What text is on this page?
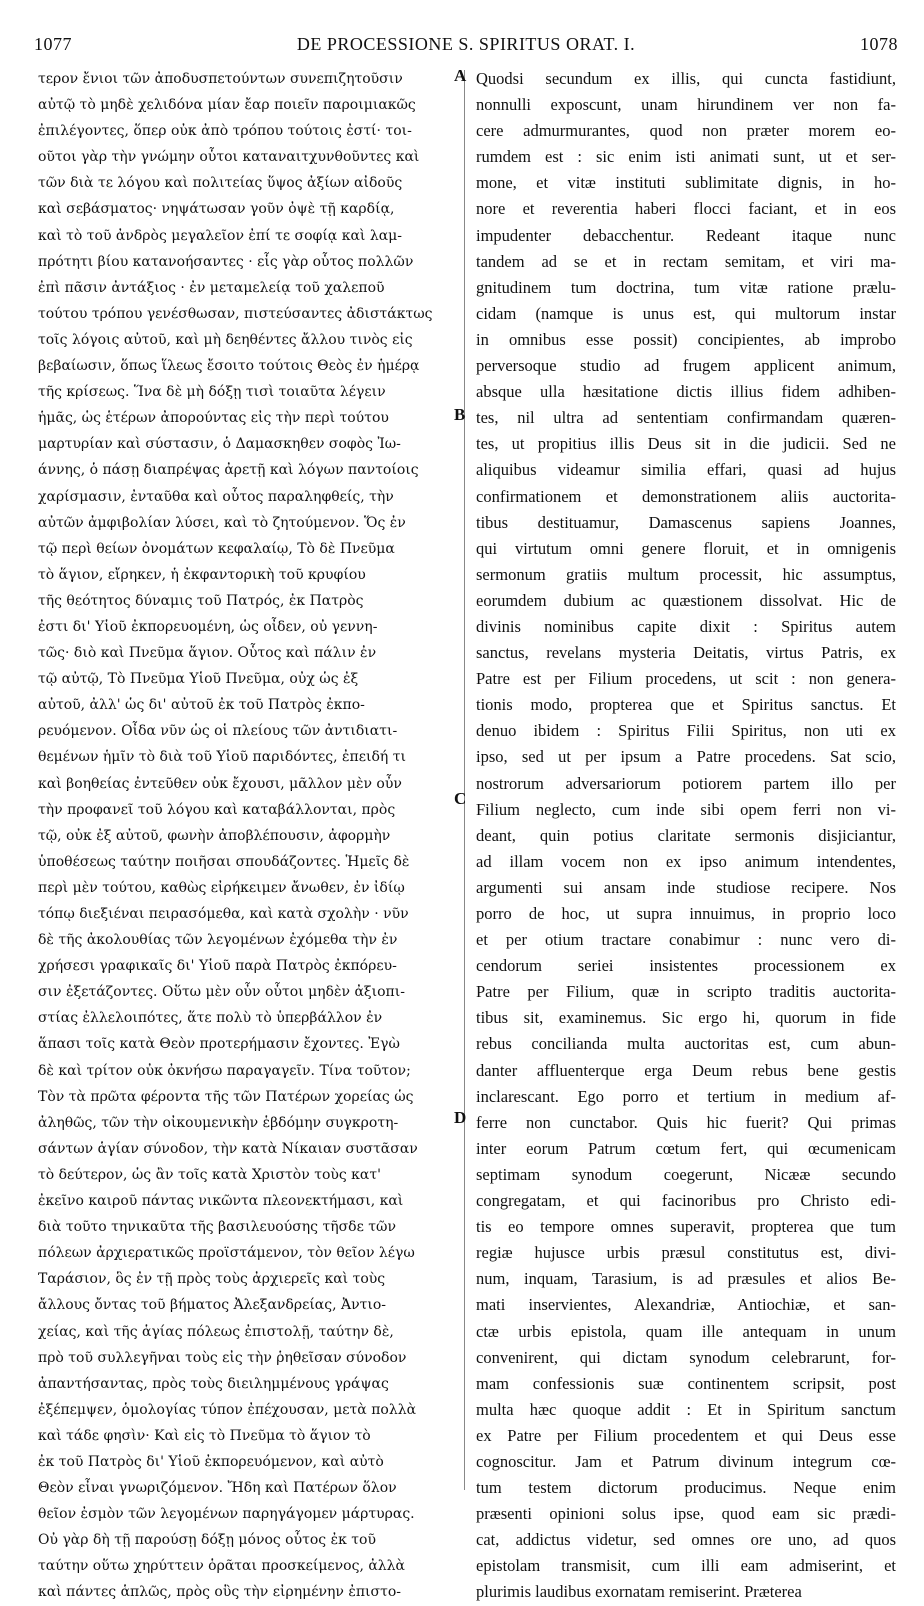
1077	DE PROCESSIONE S. SPIRITUS ORAT. I.	1078
A
B
C
D
τερον ἔνιοι τῶν ἀποδυσπετούντων συνεπιζητοῦσιν
αὐτῷ τὸ μηδὲ χελιδόνα μίαν ἔαρ ποιεῖν παροιμιακῶς
ἐπιλέγοντες, ὅπερ οὐκ ἀπὸ τρόπου τούτοις ἐστί· τοι-
οῦτοι γὰρ τὴν γνώμην οὗτοι καταναιτχυνθοῦντες καὶ
τῶν διὰ τε λόγου καὶ πολιτείας ὕψος ἀξίων αἰδοῦς
καὶ σεβάσματος· νηψάτωσαν γοῦν ὀψὲ τῇ καρδίᾳ,
καὶ τὸ τοῦ ἀνδρὸς μεγαλεῖον ἐπί τε σοφίᾳ καὶ λαμ-
πρότητι βίου κατανοήσαντες · εἷς γὰρ οὗτος πολλῶν
ἐπὶ πᾶσιν ἀντάξιος · ἐν μεταμελείᾳ τοῦ χαλεποῦ
τούτου τρόπου γενέσθωσαν, πιστεύσαντες ἀδιστάκτως
τοῖς λόγοις αὐτοῦ, καὶ μὴ δεηθέντες ἄλλου τινὸς εἰς
βεβαίωσιν, ὅπως ἵλεως ἔσοιτο τούτοις Θεὸς ἐν ἡμέρᾳ
τῆς κρίσεως. Ἵνα δὲ μὴ δόξῃ τισὶ τοιαῦτα λέγειν
ἡμᾶς, ὡς ἑτέρων ἀπορούντας εἰς τὴν περὶ τούτου
μαρτυρίαν καὶ σύστασιν, ὁ Δαμασκηθεν σοφὸς Ἰω-
άννης, ὁ πάσῃ διαπρέψας ἀρετῇ καὶ λόγων παντοίοις
χαρίσμασιν, ἐνταῦθα καὶ οὗτος παραληφθείς, τὴν
αὐτῶν ἀμφιβολίαν λύσει, καὶ τὸ ζητούμενον. Ὅς ἐν
τῷ περὶ θείων ὀνομάτων κεφαλαίῳ, Τὸ δὲ Πνεῦμα
τὸ ἅγιον, εἴρηκεν, ἡ ἐκφαντορικὴ τοῦ κρυφίου
τῆς θεότητος δύναμις τοῦ Πατρός, ἐκ Πατρὸς
ἐστι δι' Υἱοῦ ἐκπορευομένη, ὡς οἶδεν, οὐ γεννη-
τῶς· διὸ καὶ Πνεῦμα ἅγιον. Οὗτος καὶ πάλιν ἐν
τῷ αὐτῷ, Τὸ Πνεῦμα Υἱοῦ Πνεῦμα, οὐχ ὡς ἐξ
αὐτοῦ, ἀλλ' ὡς δι' αὐτοῦ ἐκ τοῦ Πατρὸς ἐκπο-
ρευόμενον. Οἶδα νῦν ὡς οἱ πλείους τῶν ἀντιδιατι-
θεμένων ἡμῖν τὸ διὰ τοῦ Υἱοῦ παριδόντες, ἐπειδή τι
καὶ βοηθείας ἐντεῦθεν οὐκ ἔχουσι, μᾶλλον μὲν οὖν
τὴν προφανεῖ τοῦ λόγου καὶ καταβάλλονται, πρὸς
τῷ, οὐκ ἐξ αὐτοῦ, φωνὴν ἀποβλέπουσιν, ἀφορμὴν
ὑποθέσεως ταύτην ποιῆσαι σπουδάζοντες. Ἡμεῖς δὲ
περὶ μὲν τούτου, καθὼς εἰρήκειμεν ἄνωθεν, ἐν ἰδίῳ
τόπῳ διεξιέναι πειρασόμεθα, καὶ κατὰ σχολὴν · νῦν
δὲ τῆς ἀκολουθίας τῶν λεγομένων ἐχόμεθα τὴν ἐν
χρήσεσι γραφικαῖς δι' Υἱοῦ παρὰ Πατρὸς ἐκπόρευ-
σιν ἐξετάζοντες. Οὕτω μὲν οὖν οὗτοι μηδὲν ἀξιοπι-
στίας ἐλλελοιπότες, ἅτε πολὺ τὸ ὑπερβάλλον ἐν
ἅπασι τοῖς κατὰ Θεὸν προτερήμασιν ἔχοντες. Ἐγὼ
δὲ καὶ τρίτον οὐκ ὀκνήσω παραγαγεῖν. Τίνα τοῦτον;
Τὸν τὰ πρῶτα φέροντα τῆς τῶν Πατέρων χορείας ὡς
ἀληθῶς, τῶν τὴν οἰκουμενικὴν ἑβδόμην συγκροτη-
σάντων ἁγίαν σύνοδον, τὴν κατὰ Νίκαιαν συστᾶσαν
τὸ δεύτερον, ὡς ἂν τοῖς κατὰ Χριστὸν τοὺς κατ'
ἐκεῖνο καιροῦ πάντας νικῶντα πλεονεκτήμασι, καὶ
διὰ τοῦτο τηνικαῦτα τῆς βασιλευούσης τῆσδε τῶν
πόλεων ἀρχιερατικῶς προϊστάμενον, τὸν θεῖον λέγω
Ταράσιον, ὃς ἐν τῇ πρὸς τοὺς ἀρχιερεῖς καὶ τοὺς
ἄλλους ὄντας τοῦ βήματος Ἀλεξανδρείας, Ἀντιο-
χείας, καὶ τῆς ἁγίας πόλεως ἐπιστολῇ, ταύτην δὲ,
πρὸ τοῦ συλλεγῆναι τοὺς εἰς τὴν ῥηθεῖσαν σύνοδον
ἀπαντήσαντας, πρὸς τοὺς διειλημμένους γράψας
ἐξέπεμψεν, ὁμολογίας τύπον ἐπέχουσαν, μετὰ πολλὰ
καὶ τάδε φησὶν· Καὶ εἰς τὸ Πνεῦμα τὸ ἅγιον τὸ
ἐκ τοῦ Πατρὸς δι' Υἱοῦ ἐκπορευόμενον, καὶ αὐτὸ
Θεὸν εἶναι γνωριζόμενον. Ἤδη καὶ Πατέρων ὅλον
θεῖον ἐσμὸν τῶν λεγομένων παρηγάγομεν μάρτυρας.
Οὐ γὰρ δὴ τῇ παρούσῃ δόξῃ μόνος οὗτος ἐκ τοῦ
ταύτην οὕτω χηρύττειν ὁρᾶται προσκείμενος, ἀλλὰ
καὶ πάντες ἁπλῶς, πρὸς οὓς τὴν εἰρημένην ἐπιστο-
Quodsi secundum ex illis, qui cuncta fastidiunt,
nonnulli exposcunt, unam hirundinem ver non fa-
cere admurmurantes, quod non præter morem eo-
rumdem est : sic enim isti animati sunt, ut et ser-
mone, et vitæ instituti sublimitate dignis, in ho-
nore et reverentia haberi flocci faciant, et in eos
impudenter debacchentur. Redeant itaque nunc
tandem ad se et in rectam semitam, et viri ma-
gnitudinem tum doctrina, tum vitæ ratione prælu-
cidam (namque is unus est, qui multorum instar
in omnibus esse possit) concipientes, ab improbo
perversoque studio ad frugem applicent animum,
absque ulla hæsitatione dictis illius fidem adhiben-
tes, nil ultra ad sententiam confirmandam quæren-
tes, ut propitius illis Deus sit in die judicii. Sed ne
aliquibus videamur similia effari, quasi ad hujus
confirmationem et demonstrationem aliis auctorita-
tibus destituamur, Damascenus sapiens Joannes,
qui virtutum omni genere floruit, et in omnigenis
sermonum gratiis multum processit, hic assumptus,
eorumdem dubium ac quæstionem dissolvat. Hic de
divinis nominibus capite dixit : Spiritus autem
sanctus, revelans mysteria Deitatis, virtus Patris, ex
Patre est per Filium procedens, ut scit : non genera-
tionis modo, propterea que et Spiritus sanctus. Et
denuo ibidem : Spiritus Filii Spiritus, non uti ex
ipso, sed ut per ipsum a Patre procedens. Sat scio,
nostrorum adversariorum potiorem partem illo per
Filium neglecto, cum inde sibi opem ferri non vi-
deant, quin potius claritate sermonis disjiciantur,
ad illam vocem non ex ipso animum intendentes,
argumenti sui ansam inde studiose recipere. Nos
porro de hoc, ut supra innuimus, in proprio loco
et per otium tractare conabimur : nunc vero di-
cendorum seriei insistentes processionem ex
Patre per Filium, quæ in scripto traditis auctorita-
tibus sit, examinemus. Sic ergo hi, quorum in fide
rebus concilianda multa auctoritas est, cum abun-
danter affluenterque erga Deum rebus bene gestis
inclarescant. Ego porro et tertium in medium af-
ferre non cunctabor. Quis hic fuerit? Qui primas
inter eorum Patrum cœtum fert, qui œcumenicam
septimam synodum coegerunt, Nicææ secundo
congregatam, et qui facinoribus pro Christo edi-
tis eo tempore omnes superavit, propterea que tum
regiæ hujusce urbis præsul constitutus est, divi-
num, inquam, Tarasium, is ad præsules et alios Be-
mati inservientes, Alexandriæ, Antiochiæ, et san-
ctæ urbis epistola, quam ille antequam in unum
convenirent, qui dictam synodum celebrarunt, for-
mam confessionis suæ continentem scripsit, post
multa hæc quoque addit : Et in Spiritum sanctum
ex Patre per Filium procedentem et qui Deus esse
cognoscitur. Jam et Patrum divinum integrum cœ-
tum testem dictorum producimus. Neque enim
præsenti opinioni solus ipse, quod eam sic prædi-
cat, addictus videtur, sed omnes ore uno, ad quos
epistolam transmisit, cum illi eam admiserint, et
plurimis laudibus exornatam remiserint. Præterea
